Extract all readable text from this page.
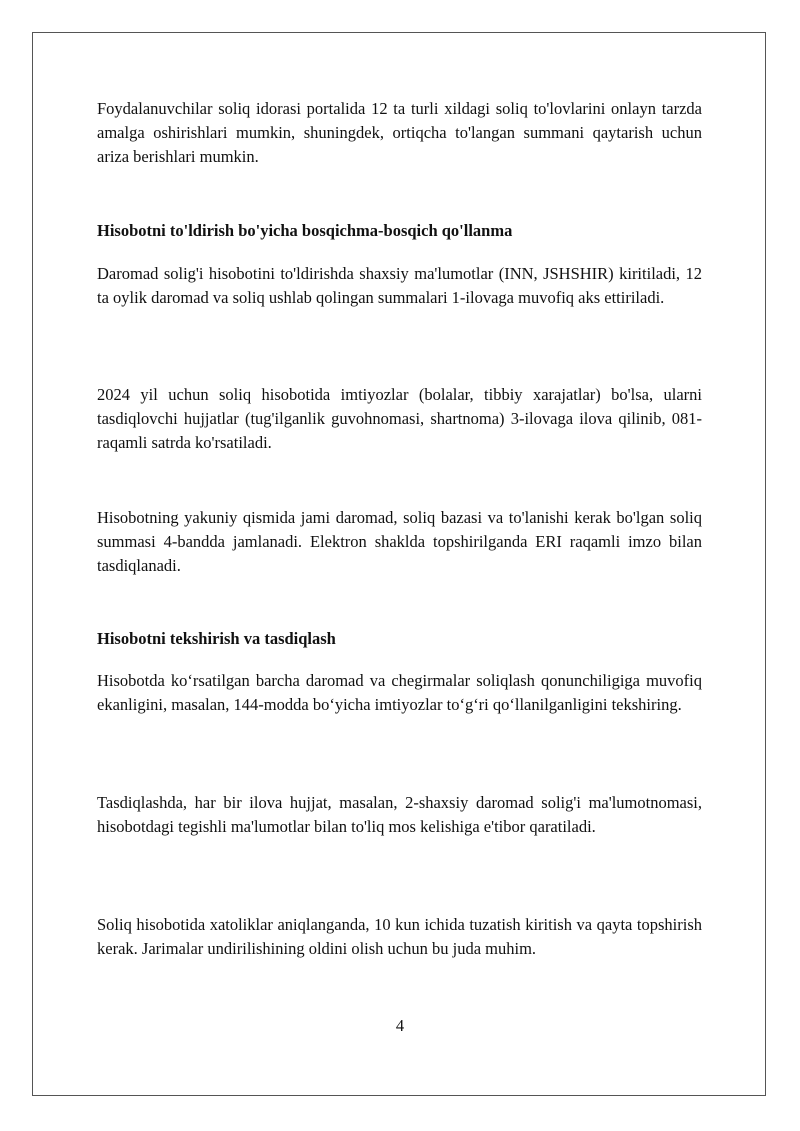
Foydalanuvchilar soliq idorasi portalida 12 ta turli xildagi soliq to'lovlarini onlayn tarzda amalga oshirishlari mumkin, shuningdek, ortiqcha to'langan summani qaytarish uchun ariza berishlari mumkin.

Hisobotni to'ldirish bo'yicha bosqichma-bosqich qo'llanma

Daromad solig'i hisobotini to'ldirishda shaxsiy ma'lumotlar (INN, JSHSHIR) kiritiladi, 12 ta oylik daromad va soliq ushlab qolingan summalari 1-ilovaga muvofiq aks ettiriladi.

2024 yil uchun soliq hisobotida imtiyozlar (bolalar, tibbiy xarajatlar) bo'lsa, ularni tasdiqlovchi hujjatlar (tug'ilganlik guvohnomasi, shartnoma) 3-ilovaga ilova qilinib, 081-raqamli satrda ko'rsatiladi.

Hisobotning yakuniy qismida jami daromad, soliq bazasi va to'lanishi kerak bo'lgan soliq summasi 4-bandda jamlanadi. Elektron shaklda topshirilganda ERI raqamli imzo bilan tasdiqlanadi.

Hisobotni tekshirish va tasdiqlash

Hisobotda ko‘rsatilgan barcha daromad va chegirmalar soliqlash qonunchiligiga muvofiq ekanligini, masalan, 144-modda bo‘yicha imtiyozlar to‘g‘ri qo‘llanilganligini tekshiring.

Tasdiqlashda, har bir ilova hujjat, masalan, 2-shaxsiy daromad solig'i ma'lumotnomasi, hisobotdagi tegishli ma'lumotlar bilan to'liq mos kelishiga e'tibor qaratiladi.

Soliq hisobotida xatoliklar aniqlanganda, 10 kun ichida tuzatish kiritish va qayta topshirish kerak. Jarimalar undirilishining oldini olish uchun bu juda muhim.

4
